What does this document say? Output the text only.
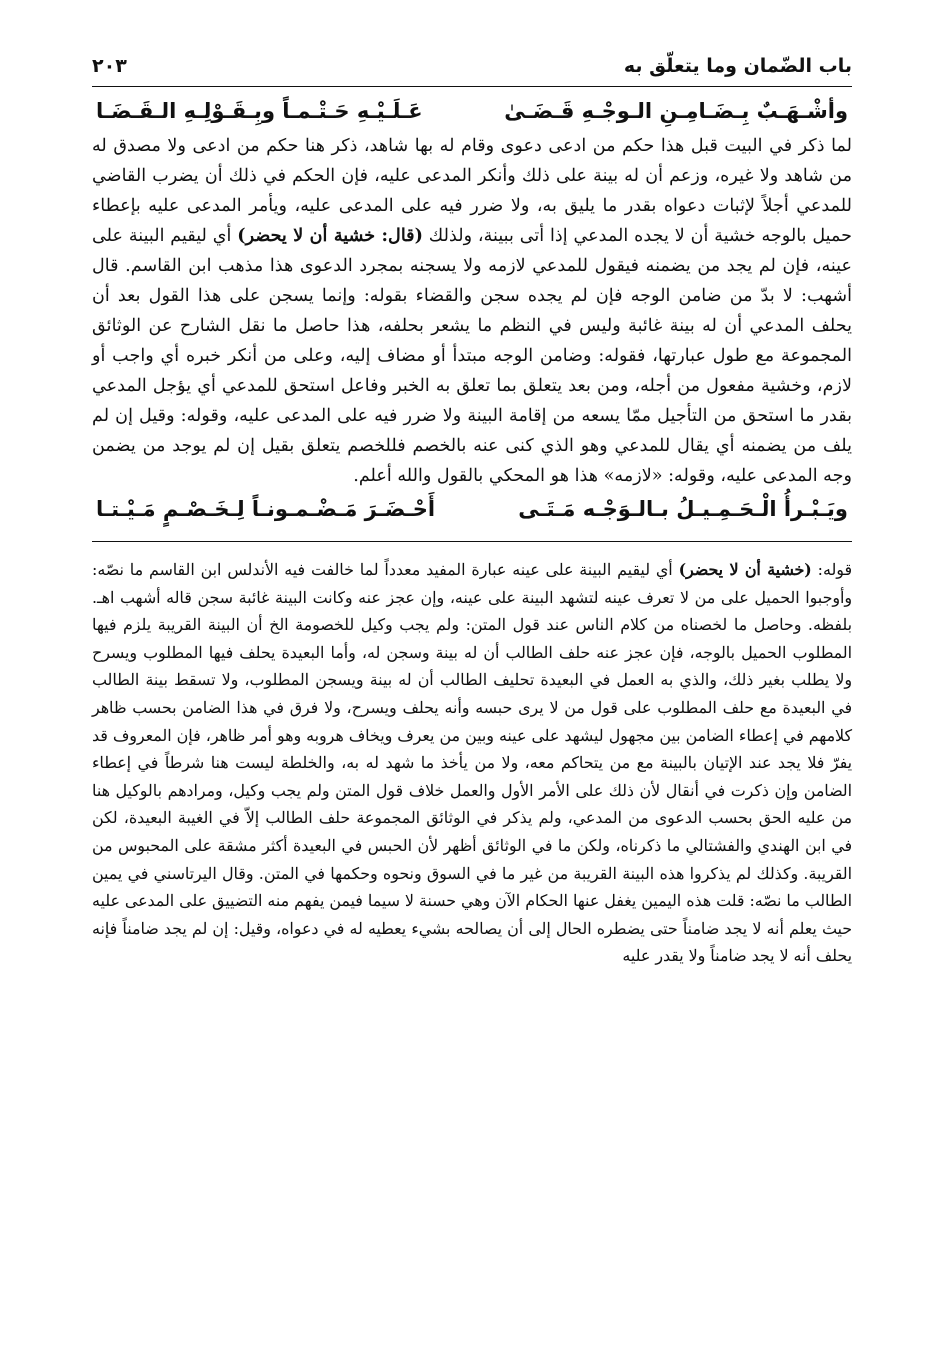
باب الضّمان وما يتعلّق به
٢٠٣
وأشْـهَـبٌ بِـضَـامِـنِ الـوجْـهِ قَـضَـىٰ
عَـلَـيْـهِ حَـتْـمـاً وبِـقَـوْلِـهِ الـقَـضَـا

لما ذكر في البيت قبل هذا حكم من ادعى دعوى وقام له بها شاهد، ذكر هنا حكم من ادعى ولا مصدق له من شاهد ولا غيره، وزعم أن له بينة على ذلك وأنكر المدعى عليه، فإن الحكم في ذلك أن يضرب القاضي للمدعي أجلاً لإثبات دعواه بقدر ما يليق به، ولا ضرر فيه على المدعى عليه، ويأمر المدعى عليه بإعطاء حميل بالوجه خشية أن لا يجده المدعي إذا أتى ببينة، ولذلك (قال: خشية أن لا يحضر) أي ليقيم البينة على عينه، فإن لم يجد من يضمنه فيقول للمدعي لازمه ولا يسجنه بمجرد الدعوى هذا مذهب ابن القاسم. قال أشهب: لا بدّ من ضامن الوجه فإن لم يجده سجن والقضاء بقوله: وإنما يسجن على هذا القول بعد أن يحلف المدعي أن له بينة غائبة وليس في النظم ما يشعر بحلفه، هذا حاصل ما نقل الشارح عن الوثائق المجموعة مع طول عبارتها، فقوله: وضامن الوجه مبتدأ أو مضاف إليه، وعلى من أنكر خبره أي واجب أو لازم، وخشية مفعول من أجله، ومن بعد يتعلق بما تعلق به الخبر وفاعل استحق للمدعي أي يؤجل المدعي بقدر ما استحق من التأجيل ممّا يسعه من إقامة البينة ولا ضرر فيه على المدعى عليه، وقوله: وقيل إن لم يلف من يضمنه أي يقال للمدعي وهو الذي كنى عنه بالخصم فللخصم يتعلق بقيل إن لم يوجد من يضمن وجه المدعى عليه، وقوله: «لازمه» هذا هو المحكي بالقول والله أعلم.

ويَـبْـرأُ الْـحَـمِـيـلُ بـالـوَجْـه مَـتَـى
أَحْـضَـرَ مَـضْـمـونـاً لِـخَـصْـمٍ مَـيْـتـا

قوله: (خشية أن لا يحضر) أي ليقيم البينة على عينه عبارة المفيد معدداً لما خالفت فيه الأندلس ابن القاسم ما نصّه: وأوجبوا الحميل على من لا تعرف عينه لتشهد البينة على عينه، وإن عجز عنه وكانت البينة غائبة سجن قاله أشهب اهـ. بلفظه. وحاصل ما لخصناه من كلام الناس عند قول المتن: ولم يجب وكيل للخصومة الخ أن البينة القريبة يلزم فيها المطلوب الحميل بالوجه، فإن عجز عنه حلف الطالب أن له بينة وسجن له، وأما البعيدة يحلف فيها المطلوب ويسرح ولا يطلب بغير ذلك، والذي به العمل في البعيدة تحليف الطالب أن له بينة ويسجن المطلوب، ولا تسقط بينة الطالب في البعيدة مع حلف المطلوب على قول من لا يرى حبسه وأنه يحلف ويسرح، ولا فرق في هذا الضامن بحسب ظاهر كلامهم في إعطاء الضامن بين مجهول ليشهد على عينه وبين من يعرف ويخاف هروبه وهو أمر ظاهر، فإن المعروف قد يفرّ فلا يجد عند الإتيان بالبينة مع من يتحاكم معه، ولا من يأخذ ما شهد له به، والخلطة ليست هنا شرطاً في إعطاء الضامن وإن ذكرت في أنقال لأن ذلك على الأمر الأول والعمل خلاف قول المتن ولم يجب وكيل، ومرادهم بالوكيل هنا من عليه الحق بحسب الدعوى من المدعي، ولم يذكر في الوثائق المجموعة حلف الطالب إلاّ في الغيبة البعيدة، لكن في ابن الهندي والفشتالي ما ذكرناه، ولكن ما في الوثائق أظهر لأن الحبس في البعيدة أكثر مشقة على المحبوس من القريبة. وكذلك لم يذكروا هذه البينة القريبة من غير ما في السوق ونحوه وحكمها في المتن. وقال اليرتاسني في يمين الطالب ما نصّه: قلت هذه اليمين يغفل عنها الحكام الآن وهي حسنة لا سيما فيمن يفهم منه التضييق على المدعى عليه حيث يعلم أنه لا يجد ضامناً حتى يضطره الحال إلى أن يصالحه بشيء يعطيه له في دعواه، وقيل: إن لم يجد ضامناً فإنه يحلف أنه لا يجد ضامناً ولا يقدر عليه
